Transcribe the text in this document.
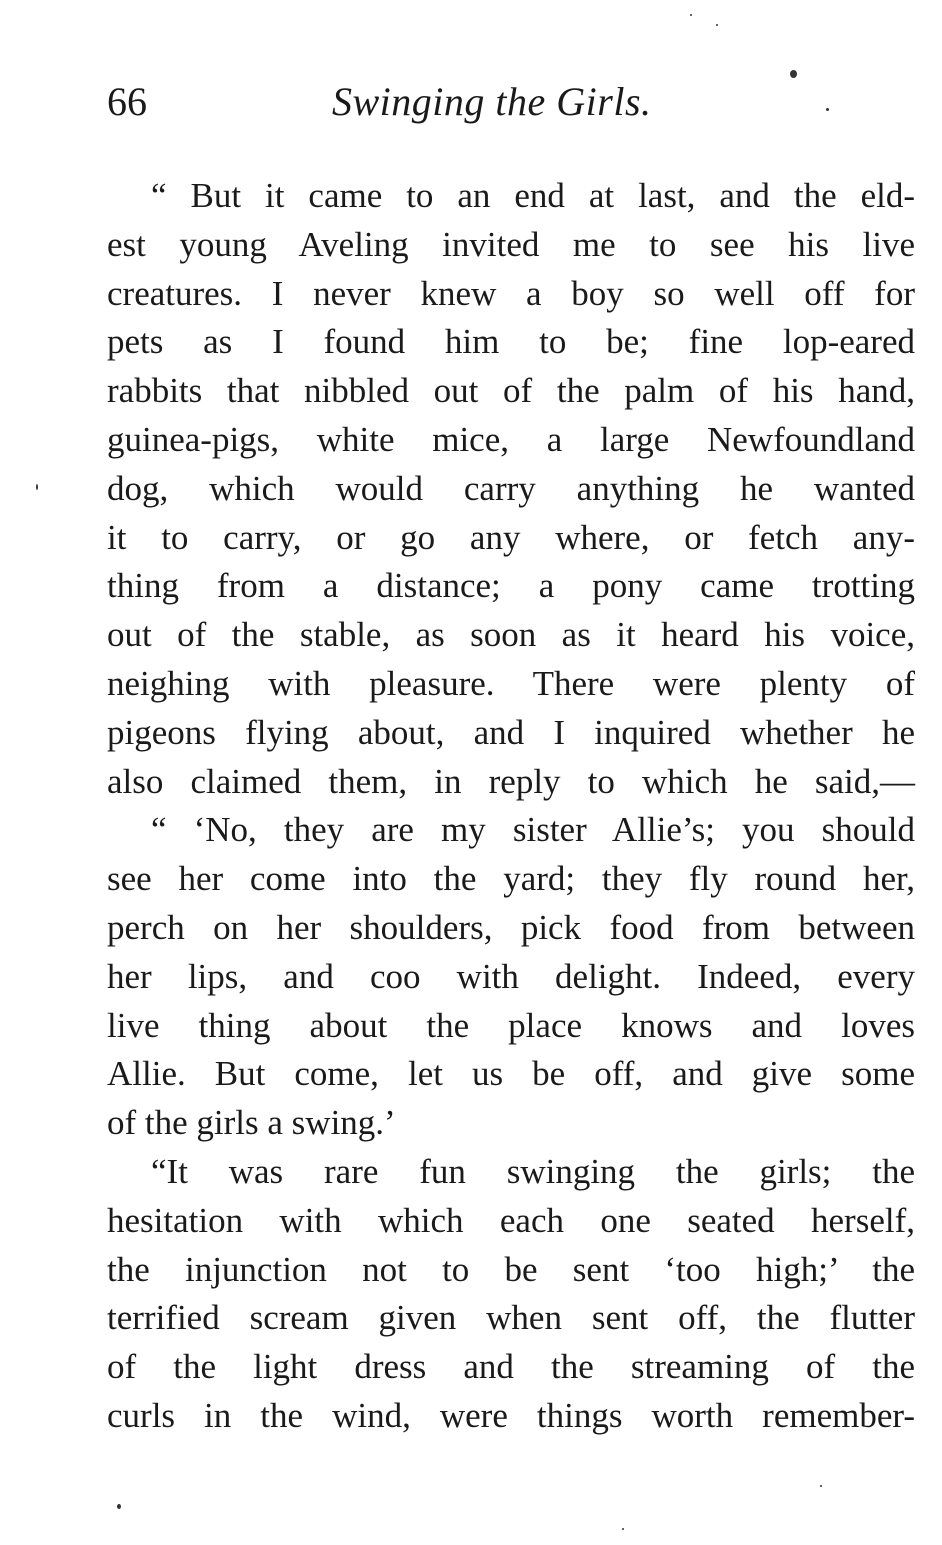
66	Swinging the Girls.
“ But it came to an end at last, and the eld-
est young Aveling invited me to see his live
creatures. I never knew a boy so well off for
pets as I found him to be; fine lop-eared
rabbits that nibbled out of the palm of his hand,
guinea-pigs, white mice, a large Newfoundland
dog, which would carry anything he wanted
it to carry, or go any where, or fetch any-
thing from a distance; a pony came trotting
out of the stable, as soon as it heard his voice,
neighing with pleasure. There were plenty of
pigeons flying about, and I inquired whether he
also claimed them, in reply to which he said,—
“ ‘No, they are my sister Allie’s; you should
see her come into the yard; they fly round her,
perch on her shoulders, pick food from between
her lips, and coo with delight. Indeed, every
live thing about the place knows and loves
Allie. But come, let us be off, and give some
of the girls a swing.’
“It was rare fun swinging the girls; the
hesitation with which each one seated herself,
the injunction not to be sent ‘too high;’ the
terrified scream given when sent off, the flutter
of the light dress and the streaming of the
curls in the wind, were things worth remember-
